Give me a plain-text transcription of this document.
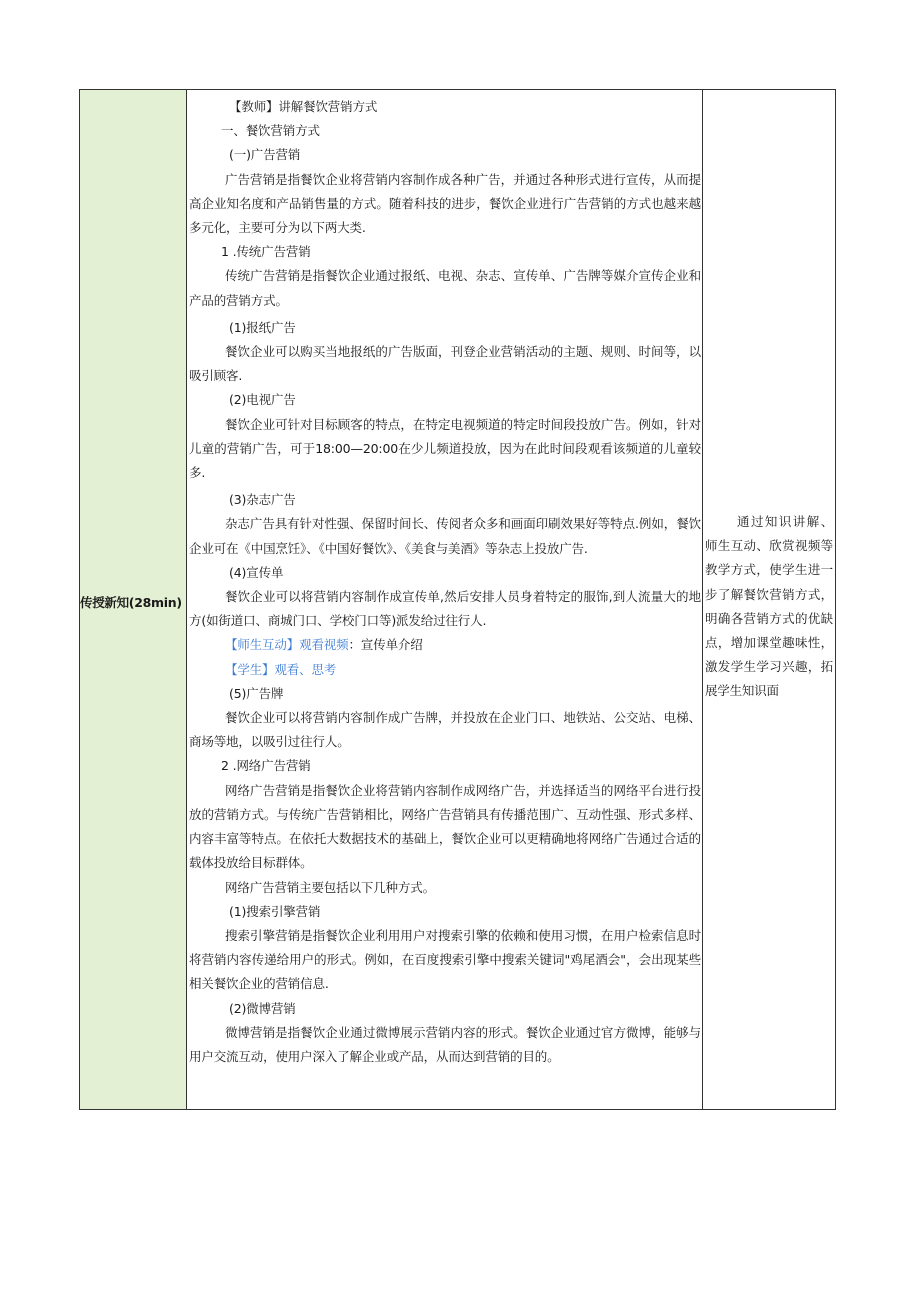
传授新知(28min)

【教师】讲解餐饮营销方式

一、餐饮营销方式

(一)广告营销

广告营销是指餐饮企业将营销内容制作成各种广告，并通过各种形式进行宣传，从而提高企业知名度和产品销售量的方式。随着科技的进步，餐饮企业进行广告营销的方式也越来越多元化，主要可分为以下两大类.

1 .传统广告营销

传统广告营销是指餐饮企业通过报纸、电视、杂志、宣传单、广告牌等媒介宣传企业和产品的营销方式。

(1)报纸广告

餐饮企业可以购买当地报纸的广告版面，刊登企业营销活动的主题、规则、时间等，以吸引顾客.

(2)电视广告

餐饮企业可针对目标顾客的特点，在特定电视频道的特定时间段投放广告。例如，针对儿童的营销广告，可于18:00—20:00在少儿频道投放，因为在此时间段观看该频道的儿童较多.

(3)杂志广告

杂志广告具有针对性强、保留时间长、传阅者众多和画面印刷效果好等特点.例如，餐饮企业可在《中国烹饪》、《中国好餐饮》、《美食与美酒》等杂志上投放广告.

(4)宣传单

餐饮企业可以将营销内容制作成宣传单,然后安排人员身着特定的服饰,到人流量大的地方(如街道口、商城门口、学校门口等)派发给过往行人.

【师生互动】观看视频：宣传单介绍

【学生】观看、思考

(5)广告牌

餐饮企业可以将营销内容制作成广告牌，并投放在企业门口、地铁站、公交站、电梯、商场等地，以吸引过往行人。

2 .网络广告营销

网络广告营销是指餐饮企业将营销内容制作成网络广告，并选择适当的网络平台进行投放的营销方式。与传统广告营销相比，网络广告营销具有传播范围广、互动性强、形式多样、内容丰富等特点。在依托大数据技术的基础上，餐饮企业可以更精确地将网络广告通过合适的载体投放给目标群体。

网络广告营销主要包括以下几种方式。

(1)搜索引擎营销

搜索引擎营销是指餐饮企业利用用户对搜索引擎的依赖和使用习惯，在用户检索信息时将营销内容传递给用户的形式。例如，在百度搜索引擎中搜索关键词"鸡尾酒会"，会出现某些相关餐饮企业的营销信息.

(2)微博营销

微博营销是指餐饮企业通过微博展示营销内容的形式。餐饮企业通过官方微博，能够与用户交流互动，使用户深入了解企业或产品，从而达到营销的目的。

通过知识讲解、师生互动、欣赏视频等教学方式，使学生进一步了解餐饮营销方式，明确各营销方式的优缺点，增加课堂趣味性，激发学生学习兴趣，拓展学生知识面
